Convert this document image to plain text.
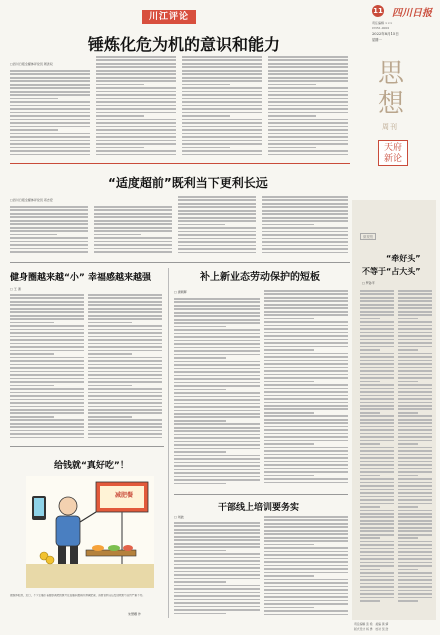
11 四川日报
责任编辑 ×××
CN51-0001
2022年8月15日
星期一
思
想
周刊
天府
新论
川江评论
锤炼化危为机的意识和能力
□四川日报全媒体评论员 周洪双
“适度超前”既利当下更利长远
□四川日报全媒体评论员 邓志宏
微观察
“牵好头”
不等于“占大头”
□ 罗孙平
健身圈越来越“小” 幸福感越来越强
□ 王 清
补上新业态劳动保护的短板
□ 唐朝晖
干部线上培训要务实
□ 刘波
给钱就“真好吃”！
减肥餐
据媒体报道，近日，不少主播打着健康减肥的旗号在直播间推销所谓减肥餐，消费者购买后发现效果与宣传严重不符。
朱慧卿 作
责任编辑 张 艳　美编 黄 婧
版式设计 杨 勇　校对 吴 浩
